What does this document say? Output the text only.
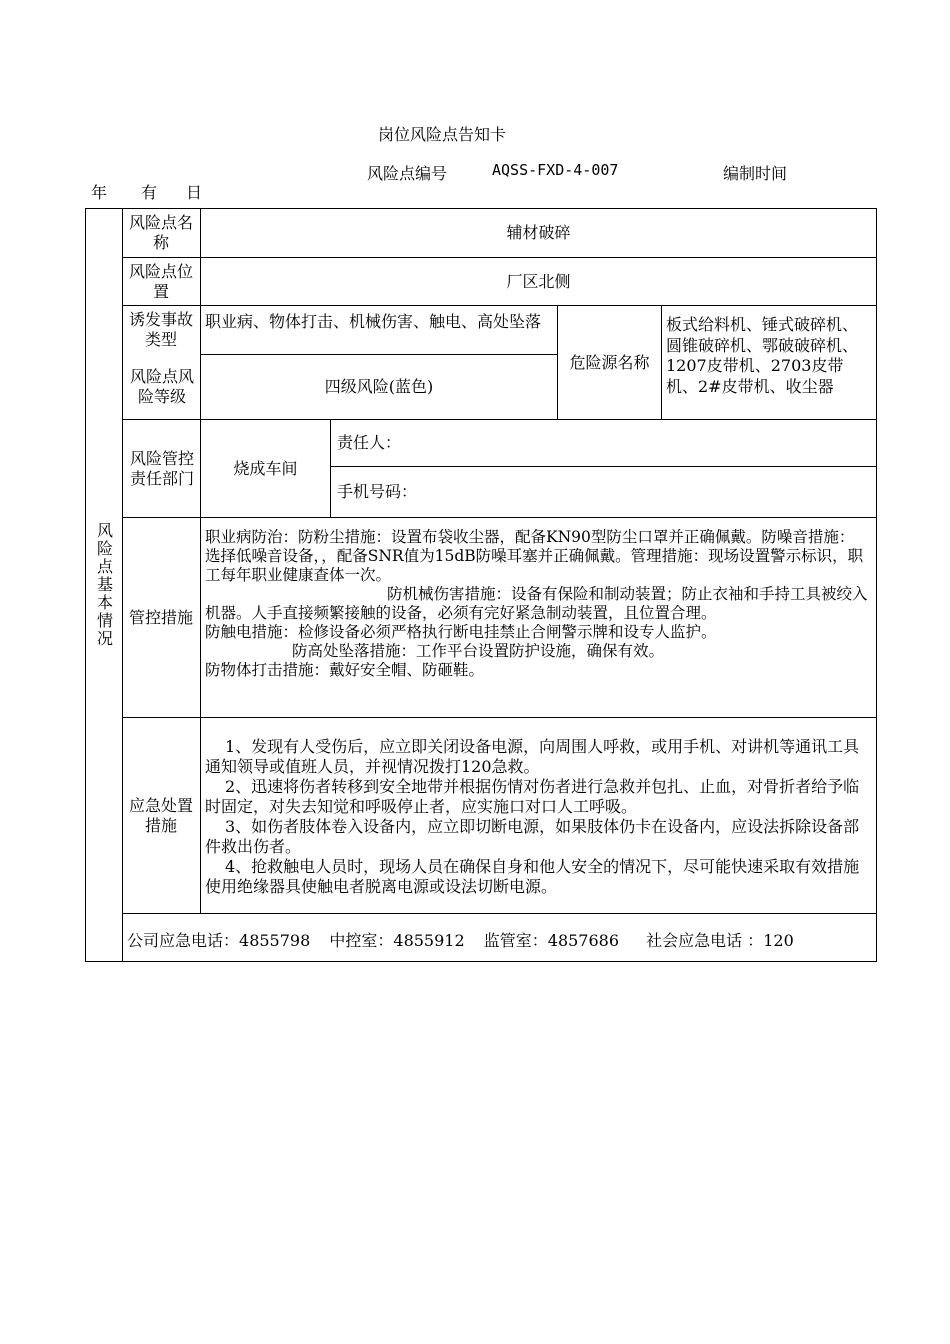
岗位风险点告知卡
风险点编号	AQSS-FXD-4-007	编制时间
年 有 日
风险点基本情况
风险点名称
辅材破碎
风险点位置
厂区北侧
诱发事故类型
职业病、物体打击、机械伤害、触电、高处坠落
危险源名称
板式给料机、锤式破碎机、圆锥破碎机、鄂破破碎机、1207皮带机、2703皮带机、2#皮带机、收尘器
风险点风险等级
四级风险(蓝色)
风险管控责任部门
烧成车间
责任人：
手机号码：
管控措施

职业病防治：防粉尘措施：设置布袋收尘器，配备KN90型防尘口罩并正确佩戴。防噪音措施：选择低噪音设备，，配备SNR值为15dB防噪耳塞并正确佩戴。管理措施：现场设置警示标识，职工每年职业健康查体一次。

防机械伤害措施：设备有保险和制动装置；防止衣袖和手持工具被绞入机器。人手直接频繁接触的设备，必须有完好紧急制动装置，且位置合理。

防触电措施：检修设备必须严格执行断电挂禁止合闸警示牌和设专人监护。

防高处坠落措施：工作平台设置防护设施，确保有效。

防物体打击措施：戴好安全帽、防砸鞋。

应急处置措施

1、发现有人受伤后，应立即关闭设备电源，向周围人呼救，或用手机、对讲机等通讯工具通知领导或值班人员，并视情况拨打120急救。

2、迅速将伤者转移到安全地带并根据伤情对伤者进行急救并包扎、止血，对骨折者给予临时固定，对失去知觉和呼吸停止者，应实施口对口人工呼吸。

3、如伤者肢体卷入设备内，应立即切断电源，如果肢体仍卡在设备内，应设法拆除设备部件救出伤者。

4、抢救触电人员时，现场人员在确保自身和他人安全的情况下，尽可能快速采取有效措施使用绝缘器具使触电者脱离电源或设法切断电源。

公司应急电话：4855798 中控室：4855912 监管室：4857686 社会应急电话 ：120
